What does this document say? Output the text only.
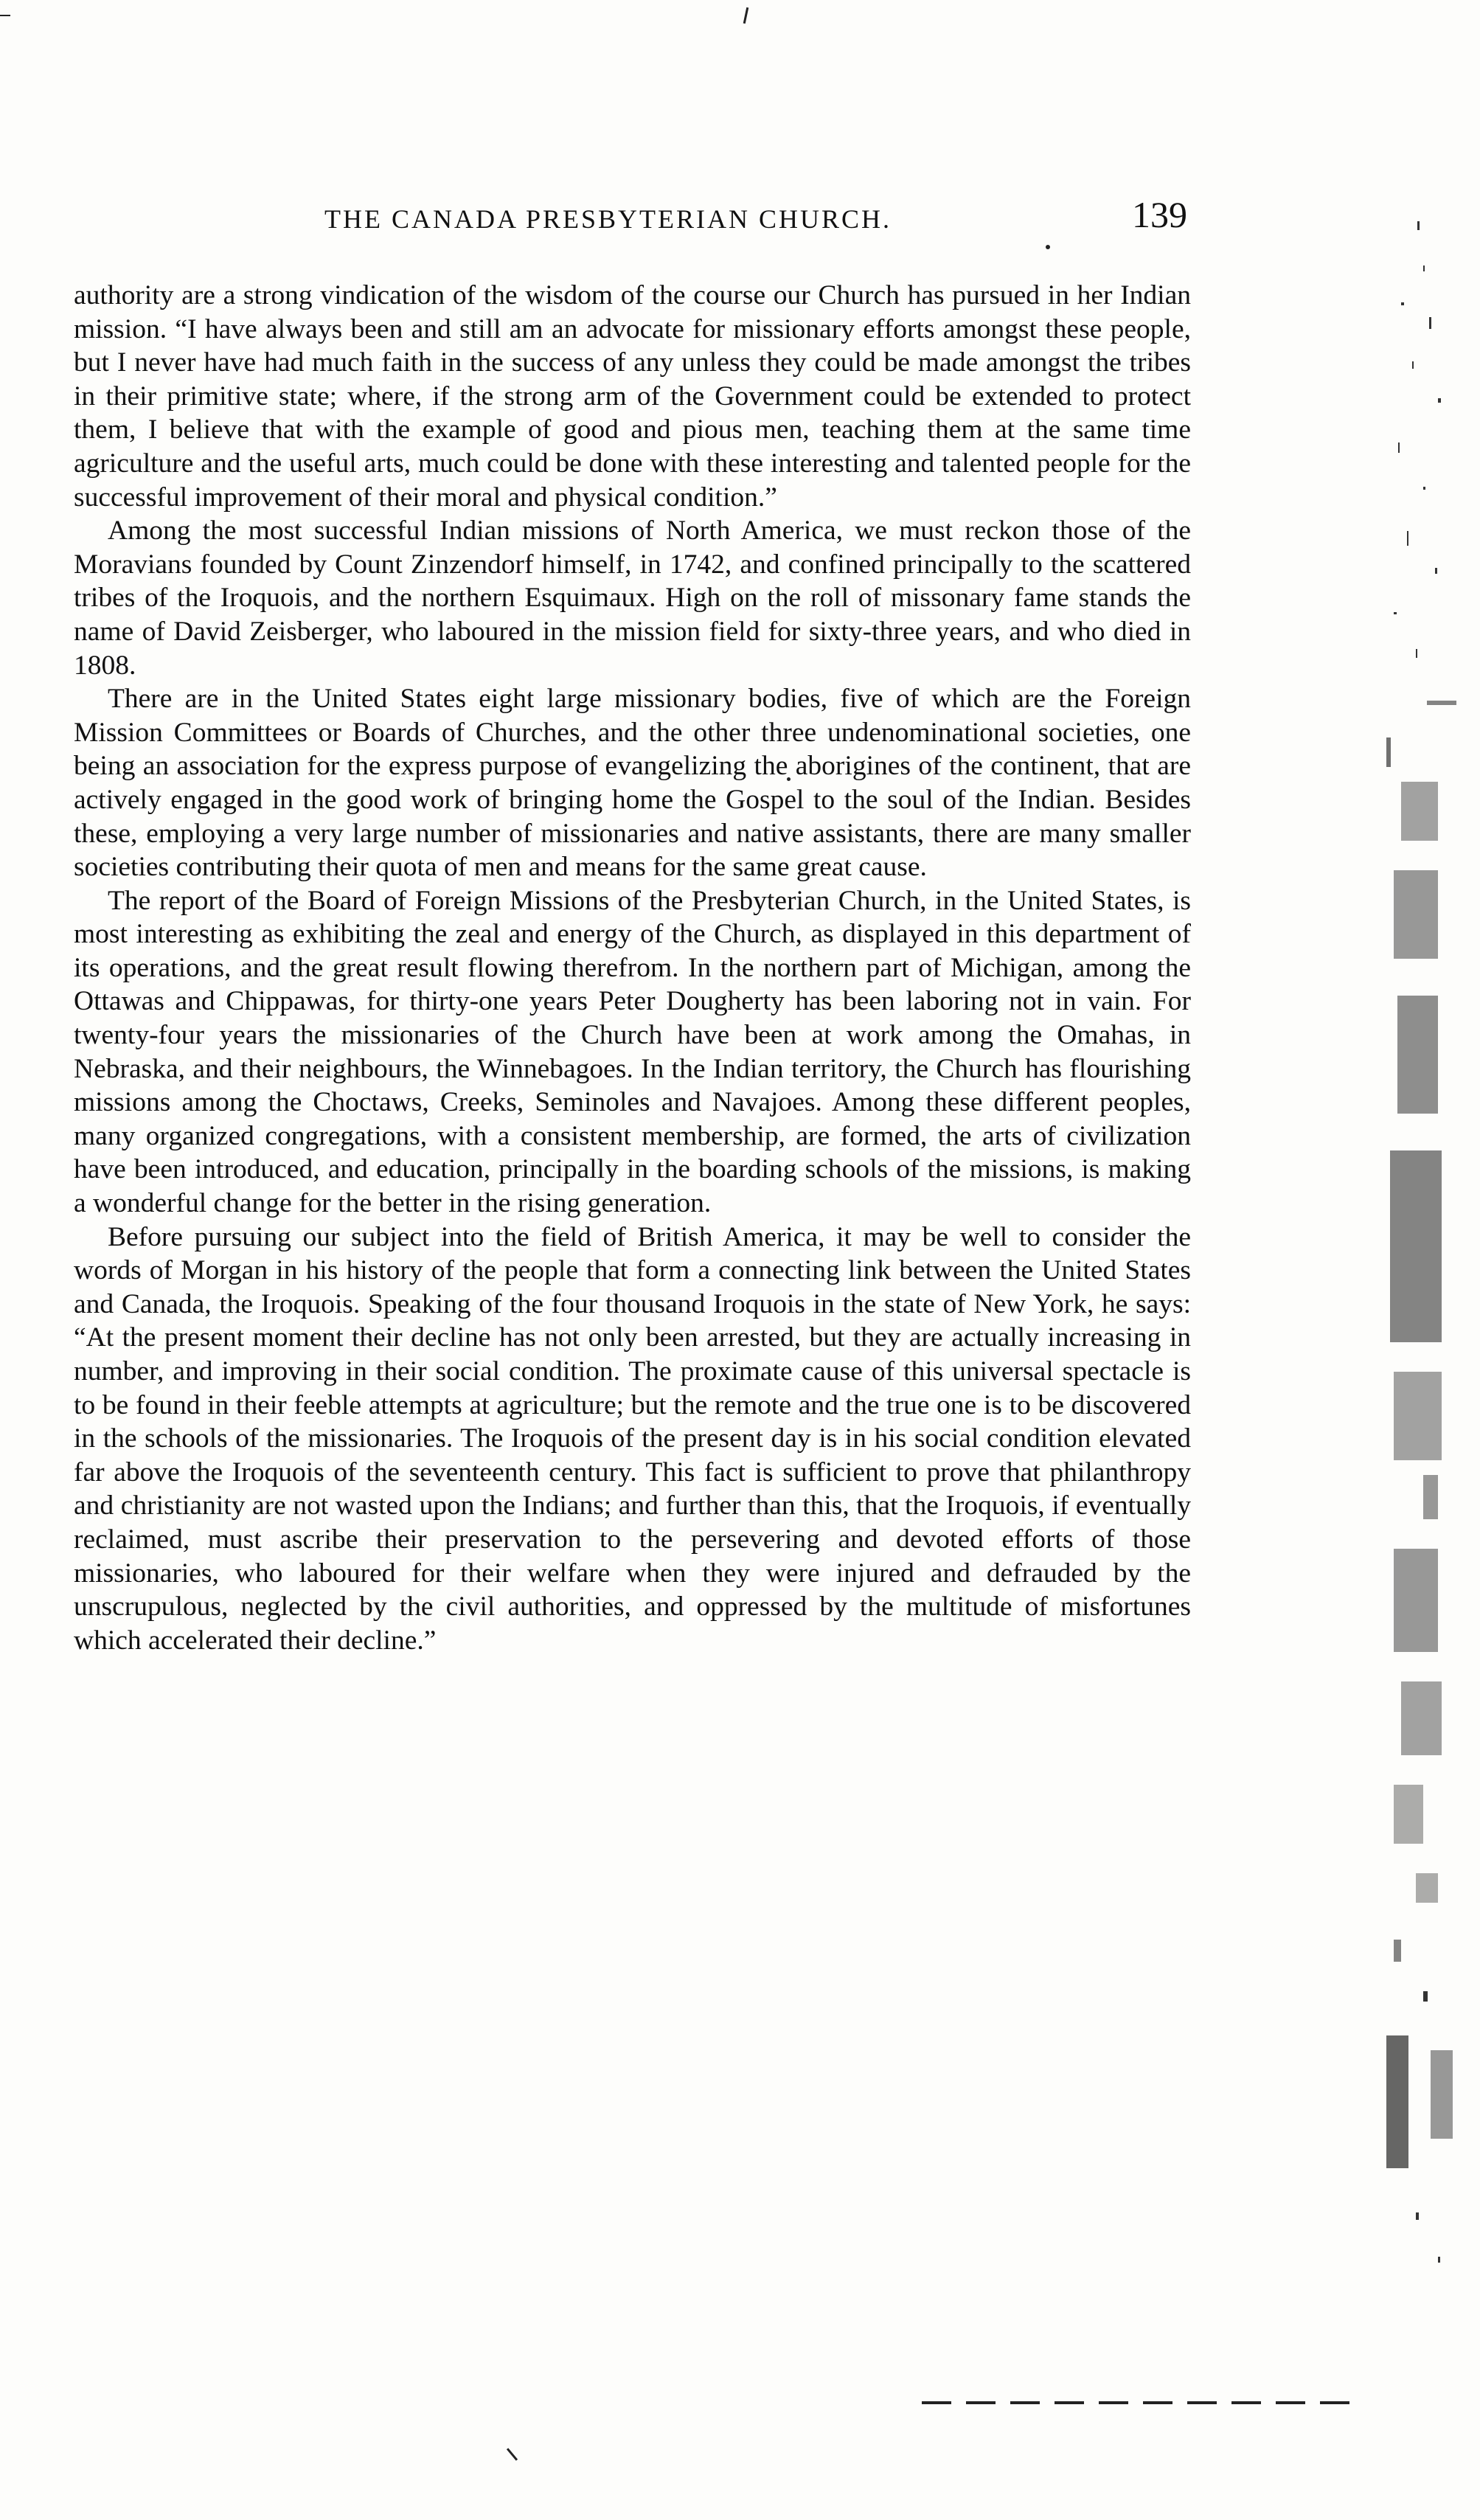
THE CANADA PRESBYTERIAN CHURCH.	139

authority are a strong vindication of the wisdom of the course our Church has pursued in her Indian mission. “I have always been and still am an advocate for missionary efforts amongst these people, but I never have had much faith in the success of any unless they could be made amongst the tribes in their primitive state; where, if the strong arm of the Government could be extended to protect them, I believe that with the example of good and pious men, teaching them at the same time agriculture and the useful arts, much could be done with these interesting and talented people for the successful improvement of their moral and physical condition.”

Among the most successful Indian missions of North America, we must reckon those of the Moravians founded by Count Zinzendorf himself, in 1742, and confined principally to the scattered tribes of the Iroquois, and the northern Esquimaux. High on the roll of missonary fame stands the name of David Zeisberger, who laboured in the mission field for sixty-three years, and who died in 1808.

There are in the United States eight large missionary bodies, five of which are the Foreign Mission Committees or Boards of Churches, and the other three undenominational societies, one being an association for the express purpose of evangelizing the aborigines of the continent, that are actively engaged in the good work of bringing home the Gospel to the soul of the Indian. Besides these, employing a very large number of missionaries and native assistants, there are many smaller societies contributing their quota of men and means for the same great cause.

The report of the Board of Foreign Missions of the Presbyterian Church, in the United States, is most interesting as exhibiting the zeal and energy of the Church, as displayed in this department of its operations, and the great result flowing therefrom. In the northern part of Michigan, among the Ottawas and Chippawas, for thirty-one years Peter Dougherty has been laboring not in vain. For twenty-four years the missionaries of the Church have been at work among the Omahas, in Nebraska, and their neighbours, the Winnebagoes. In the Indian territory, the Church has flourishing missions among the Choctaws, Creeks, Seminoles and Navajoes. Among these different peoples, many organized congregations, with a consistent membership, are formed, the arts of civilization have been introduced, and education, principally in the boarding schools of the missions, is making a wonderful change for the better in the rising generation.

Before pursuing our subject into the field of British America, it may be well to consider the words of Morgan in his history of the people that form a connecting link between the United States and Canada, the Iroquois. Speaking of the four thousand Iroquois in the state of New York, he says: “At the present moment their decline has not only been arrested, but they are actually increasing in number, and improving in their social condition. The proximate cause of this universal spectacle is to be found in their feeble attempts at agriculture; but the remote and the true one is to be discovered in the schools of the missionaries. The Iroquois of the present day is in his social condition elevated far above the Iroquois of the seventeenth century. This fact is sufficient to prove that philanthropy and christianity are not wasted upon the Indians; and further than this, that the Iroquois, if eventually reclaimed, must ascribe their preservation to the persevering and devoted efforts of those missionaries, who laboured for their welfare when they were injured and defrauded by the unscrupulous, neglected by the civil authorities, and oppressed by the multitude of misfortunes which accelerated their decline.”
